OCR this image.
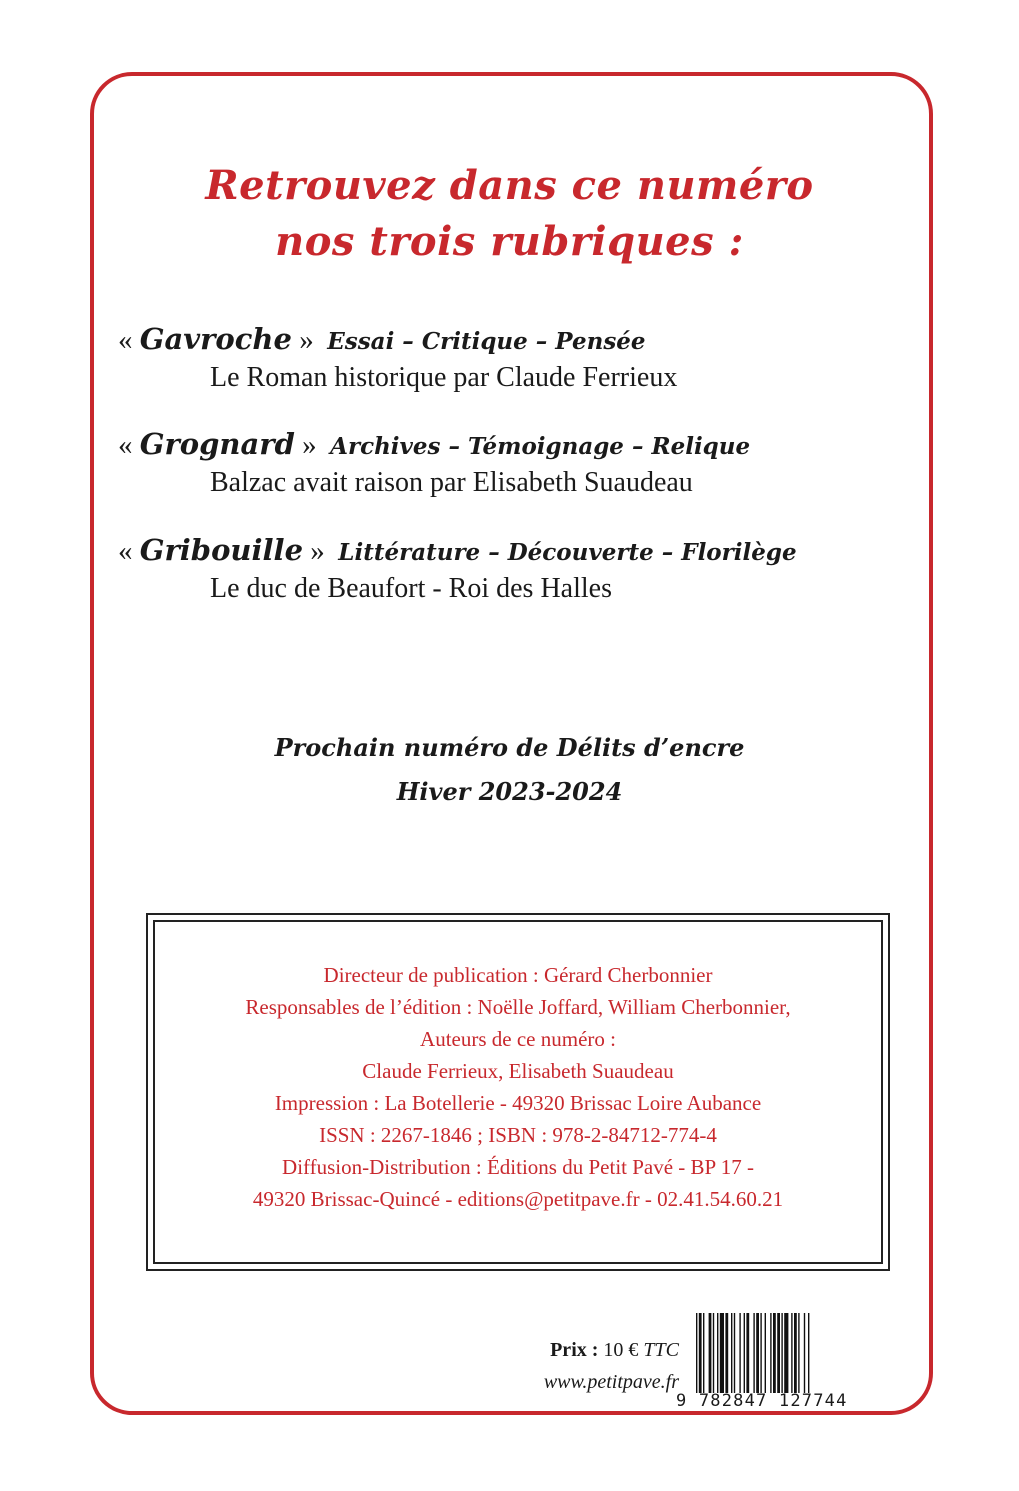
Retrouvez dans ce numéro
nos trois rubriques :
« Gavroche » Essai – Critique – Pensée
Le Roman historique par Claude Ferrieux
« Grognard » Archives – Témoignage – Relique
Balzac avait raison par Elisabeth Suaudeau
« Gribouille » Littérature – Découverte – Florilège
Le duc de Beaufort - Roi des Halles
Prochain numéro de Délits d’encre
Hiver 2023-2024
Directeur de publication : Gérard Cherbonnier
Responsables de l’édition : Noëlle Joffard, William Cherbonnier,
Auteurs de ce numéro :
Claude Ferrieux, Elisabeth Suaudeau
Impression : La Botellerie - 49320 Brissac Loire Aubance
ISSN : 2267-1846 ; ISBN : 978-2-84712-774-4
Diffusion-Distribution : Éditions du Petit Pavé - BP 17 -
49320 Brissac-Quincé - editions@petitpave.fr - 02.41.54.60.21
Prix : 10 € TTC
www.petitpave.fr
9 782847 127744
